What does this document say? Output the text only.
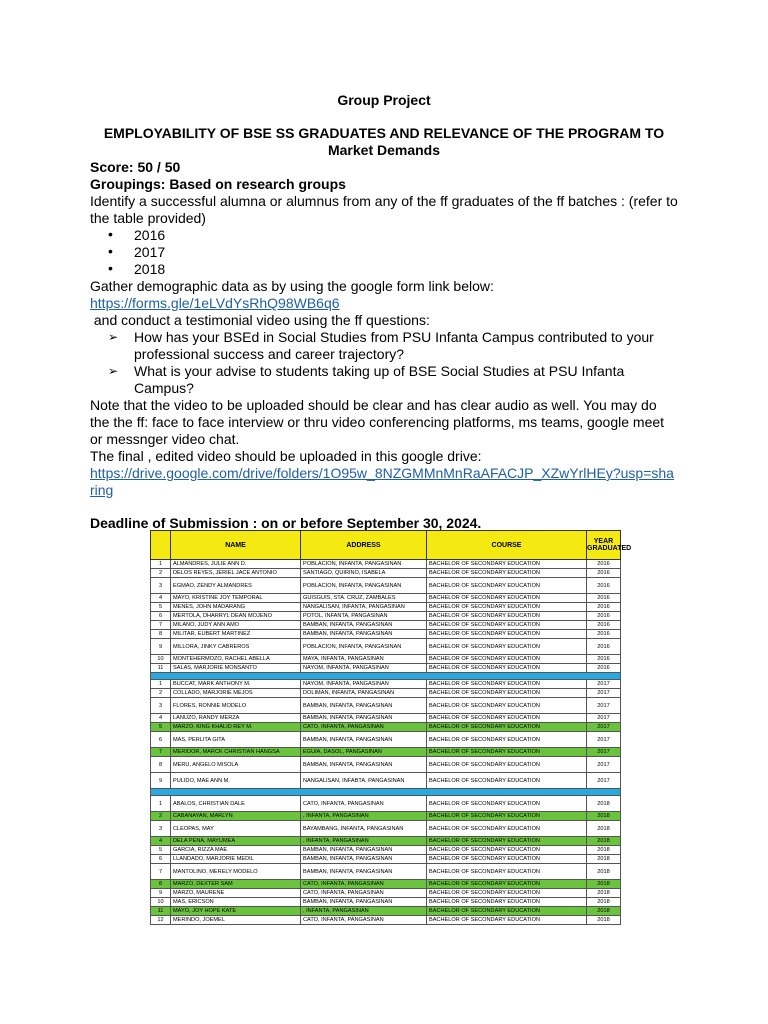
Group Project
EMPLOYABILITY OF BSE SS GRADUATES AND RELEVANCE OF THE PROGRAM TO Market Demands
Score: 50 / 50
Groupings: Based on research groups
Identify a successful alumna or alumnus from any of the ff graduates of the ff batches : (refer to the table provided)
• 2016
• 2017
• 2018
Gather demographic data as by using the google form link below:
https://forms.gle/1eLVdYsRhQ98WB6q6
and conduct a testimonial video using the ff questions:
➢ How has your BSEd in Social Studies from PSU Infanta Campus contributed to your professional success and career trajectory?
➢ What is your advise to students taking up of BSE Social Studies at PSU Infanta Campus?
Note that the video to be uploaded should be clear and has clear audio as well. You may do the the ff: face to face interview or thru video conferencing platforms, ms teams, google meet or messnger video chat.
The final , edited video should be uploaded in this google drive:
https://drive.google.com/drive/folders/1O95w_8NZGMMnMnRaAFACJP_XZwYrlHEy?usp=sharing
Deadline of Submission : on or before September 30, 2024.
	NAME	ADDRESS	COURSE	YEAR GRADUATED
1	ALMANDRES, JULIE ANN D.	POBLACION, INFANTA, PANGASINAN	BACHELOR OF SECONDARY EDUCATION	2016
2	DELOS REYES, JERIEL JACE ANTONIO	SANTIAGO, QUIRINO, ISABELA	BACHELOR OF SECONDARY EDUCATION	2016
3	EGMAO, ZENDY ALMANDRES	POBLACION, INFANTA, PANGASINAN	BACHELOR OF SECONDARY EDUCATION	2016
4	MAYO, KRISTINE JOY TEMPORAL	GUISGUIS, STA. CRUZ, ZAMBALES	BACHELOR OF SECONDARY EDUCATION	2016
5	MENES, JOHN MADARANG	NANGALISAN, INFANTA, PANGASINAN	BACHELOR OF SECONDARY EDUCATION	2016
6	MERTOLA, DHARRYL DEAN MOJENO	POTOL, INFANTA, PANGASINAN	BACHELOR OF SECONDARY EDUCATION	2016
7	MILANO, JUDY ANN AMO	BAMBAN, INFANTA, PANGASINAN	BACHELOR OF SECONDARY EDUCATION	2016
8	MILITAR, EUBERT MARTINEZ	BAMBAN, INFANTA, PANGASINAN	BACHELOR OF SECONDARY EDUCATION	2016
9	MILLORA, JINKY CABREROS	POBLACION, INFANTA, PANGASINAN	BACHELOR OF SECONDARY EDUCATION	2016
10	MONTEHERMOZO, RACHEL ABELLA	MAYA, INFANTA, PANGASINAN	BACHELOR OF SECONDARY EDUCATION	2016
11	SALAS, MARJORIE MONSANTO	NAYOM, INFANTA, PANGASINAN	BACHELOR OF SECONDARY EDUCATION	2016

1	BUCCAT, MARK ANTHONY M.	NAYOM, INFANTA, PANGASINAN	BACHELOR OF SECONDARY EDUCATION	2017
2	COLLADO, MARJORIE MEJOS	DOLIMAN, INFANTA, PANGASINAN	BACHELOR OF SECONDARY EDUCATION	2017
3	FLORES, RONNIE MODELO	BAMBAN, INFANTA, PANGASINAN	BACHELOR OF SECONDARY EDUCATION	2017
4	LANUZO, RANDY MERZA	BAMBAN, INFANTA, PANGASINAN	BACHELOR OF SECONDARY EDUCATION	2017
5	MARZO, KING KHALID REY M.	CATO, INFANTA, PANGASINAN	BACHELOR OF SECONDARY EDUCATION	2017
6	MAS, PERLITA GITA	BAMBAN, INFANTA, PANGASINAN	BACHELOR OF SECONDARY EDUCATION	2017
7	MERIDOR, MARCK CHRISTIAN HANGSA	EGUIA, DASOL, PANGASINAN	BACHELOR OF SECONDARY EDUCATION	2017
8	MERU, ANGELO MISOLA	BAMBAN, INFANTA, PANGASINAN	BACHELOR OF SECONDARY EDUCATION	2017
9	PULIDO, MAE ANN M.	NANGALISAN, INFABTA, PANGASINAN	BACHELOR OF SECONDARY EDUCATION	2017

1	ABALOS, CHRISTIAN DALE	CATO, INFANTA, PANGASINAN	BACHELOR OF SECONDARY EDUCATION	2018
2	CABANAYAN, MARLYN	, INFANTA, PANGASINAN	BACHELOR OF SECONDARY EDUCATION	2018
3	CLEOPAS, MAY	BAYAMBANG, INFANTA, PANGASINAN	BACHELOR OF SECONDARY EDUCATION	2018
4	DELA PENA, MAYUMEA	, INFANTA, PANGASINAN	BACHELOR OF SECONDARY EDUCATION	2018
5	GARCIA, RIZZA MAE	BAMBAN, INFANTA, PANGASINAN	BACHELOR OF SECONDARY EDUCATION	2018
6	LLANDADO, MARJORIE MEDIL	BAMBAN, INFANTA, PANGASINAN	BACHELOR OF SECONDARY EDUCATION	2018
7	MANTOLINO, MERELY MODELO	BAMBAN, INFANTA, PANGASINAN	BACHELOR OF SECONDARY EDUCATION	2018
8	MARZO, DEXTER SAM	CATO, INFANTA, PANGASINAN	BACHELOR OF SECONDARY EDUCATION	2018
9	MARZO, MAURENE	CATO, INFANTA, PANGASINAN	BACHELOR OF SECONDARY EDUCATION	2018
10	MAS, ERICSON	BAMBAN, INFANTA, PANGASINAN	BACHELOR OF SECONDARY EDUCATION	2018
11	MAYO, JOY HOPE KATE	, INFANTA, PANGASINAN	BACHELOR OF SECONDARY EDUCATION	2018
12	MERINDO, JOEMEL	CATO, INFANTA, PANGASINAN	BACHELOR OF SECONDARY EDUCATION	2018
